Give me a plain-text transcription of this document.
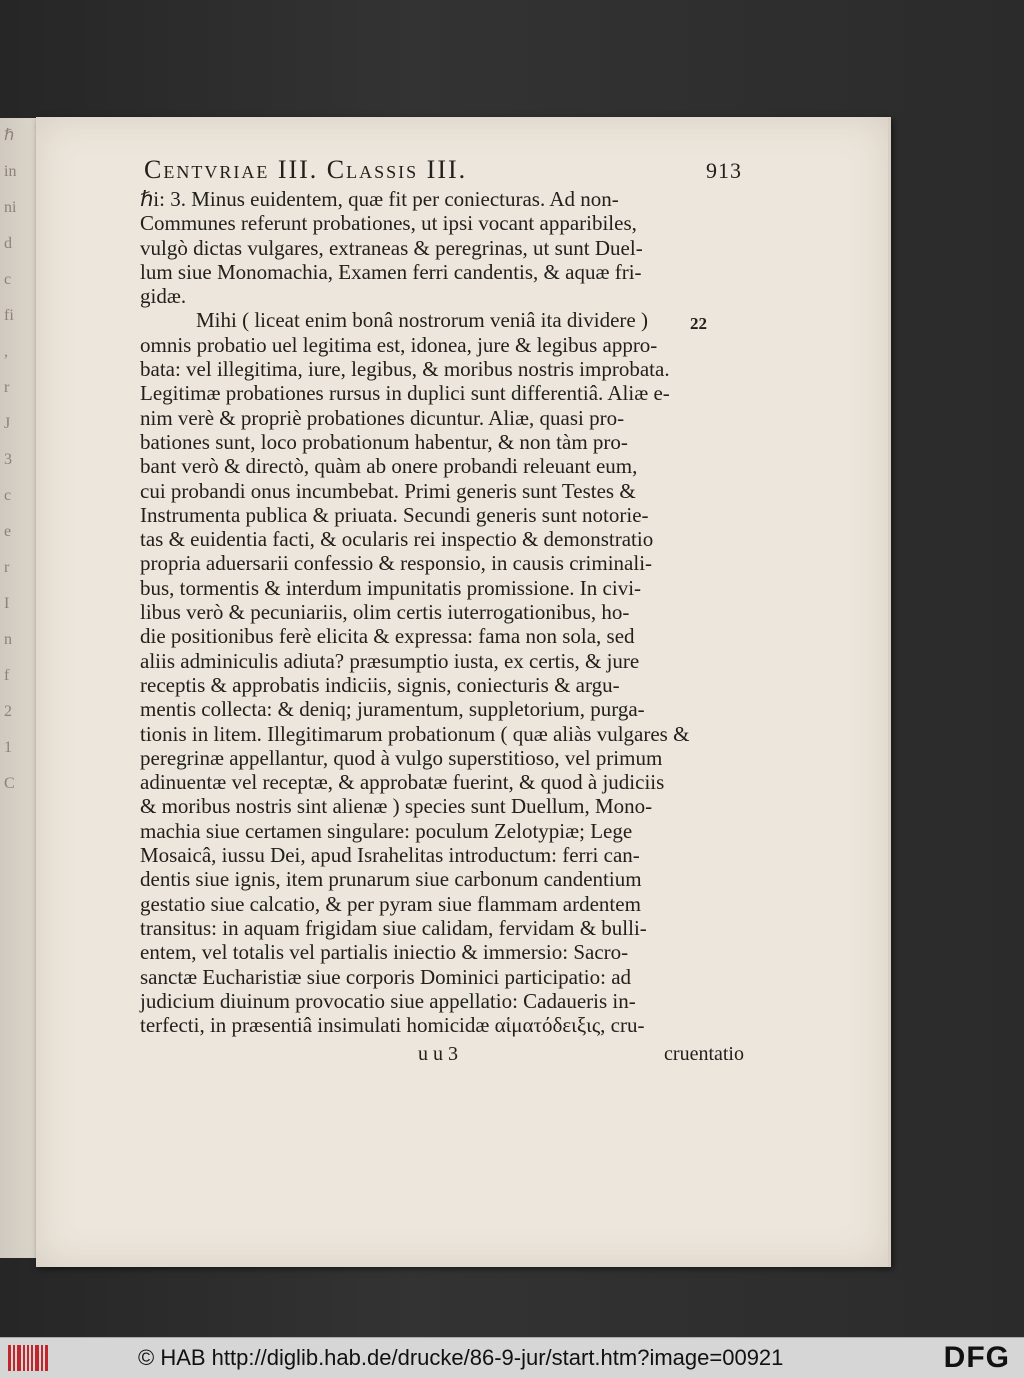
ℏ
in
ni
d
c
fi
,
r
J
3
c
e
r
I
n
f
2
1
C
Centvriae III. Classis III.	913
ℏi: 3. Minus euidentem, quæ fit per coniecturas. Ad non-
Communes referunt probationes, ut ipsi vocant apparibiles,
vulgò dictas vulgares, extraneas & peregrinas, ut sunt Duel-
lum siue Monomachia, Examen ferri candentis, & aquæ fri-
gidæ.
Mihi ( liceat enim bonâ nostrorum veniâ ita dividere )
omnis probatio uel legitima est, idonea, jure & legibus appro-
bata: vel illegitima, iure, legibus, & moribus nostris improbata.
Legitimæ probationes rursus in duplici sunt differentiâ. Aliæ e-
nim verè & propriè probationes dicuntur. Aliæ, quasi pro-
bationes sunt, loco probationum habentur, & non tàm pro-
bant verò & directò, quàm ab onere probandi releuant eum,
cui probandi onus incumbebat. Primi generis sunt Testes &
Instrumenta publica & priuata. Secundi generis sunt notorie-
tas & euidentia facti, & ocularis rei inspectio & demonstratio
propria aduersarii confessio & responsio, in causis criminali-
bus, tormentis & interdum impunitatis promissione. In civi-
libus verò & pecuniariis, olim certis iuterrogationibus, ho-
die positionibus ferè elicita & expressa: fama non sola, sed
aliis adminiculis adiuta? præsumptio iusta, ex certis, & jure
receptis & approbatis indiciis, signis, coniecturis & argu-
mentis collecta: & deniq; juramentum, suppletorium, purga-
tionis in litem. Illegitimarum probationum ( quæ aliàs vulgares &
peregrinæ appellantur, quod à vulgo superstitioso, vel primum
adinuentæ vel receptæ, & approbatæ fuerint, & quod à judiciis
& moribus nostris sint alienæ ) species sunt Duellum, Mono-
machia siue certamen singulare: poculum Zelotypiæ; Lege
Mosaicâ, iussu Dei, apud Israhelitas introductum: ferri can-
dentis siue ignis, item prunarum siue carbonum candentium
gestatio siue calcatio, & per pyram siue flammam ardentem
transitus: in aquam frigidam siue calidam, fervidam & bulli-
entem, vel totalis vel partialis iniectio & immersio: Sacro-
sanctæ Eucharistiæ siue corporis Dominici participatio: ad
judicium diuinum provocatio siue appellatio: Cadaueris in-
terfecti, in præsentiâ insimulati homicidæ αἱματόδειξις, cru-
u u 3	cruentatio
22
© HAB http://diglib.hab.de/drucke/86-9-jur/start.htm?image=00921	DFG
